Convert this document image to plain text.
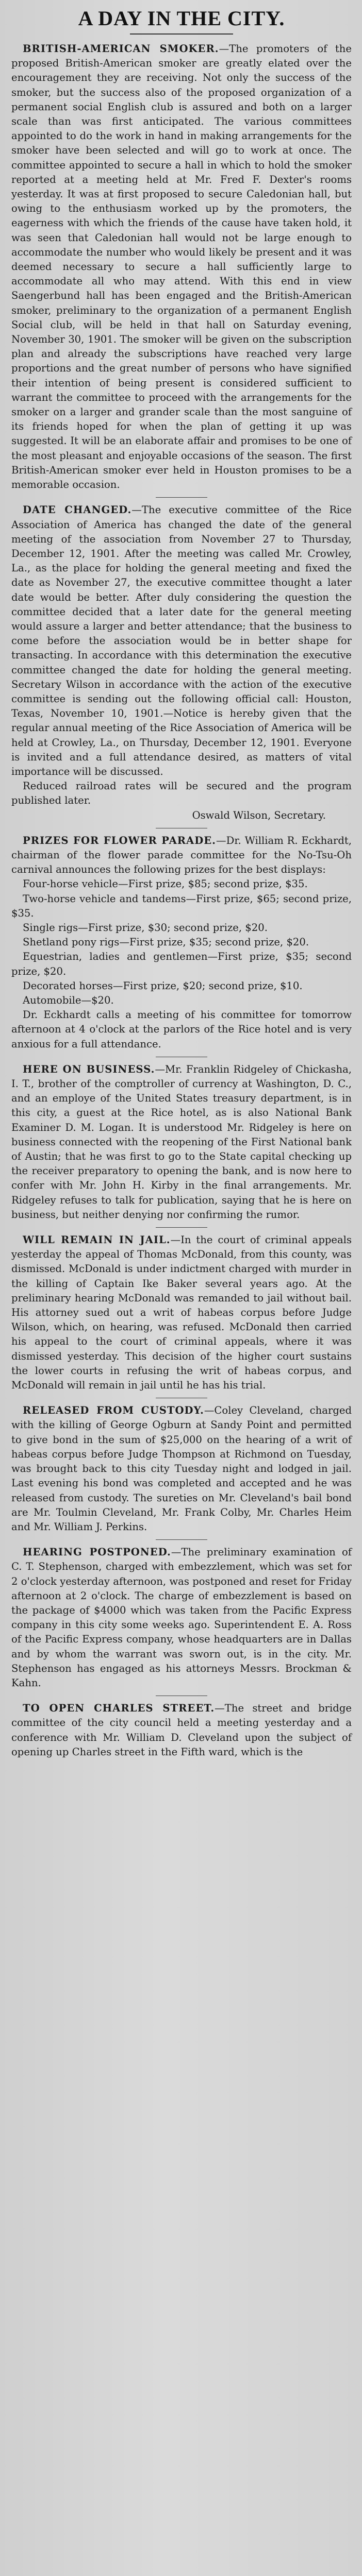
A DAY IN THE CITY.

BRITISH-AMERICAN SMOKER.—The promoters of the proposed British-American smoker are greatly elated over the encouragement they are receiving. Not only the success of the smoker, but the success also of the proposed organization of a permanent social English club is assured and both on a larger scale than was first anticipated. The various committees appointed to do the work in hand in making arrangements for the smoker have been selected and will go to work at once. The committee appointed to secure a hall in which to hold the smoker reported at a meeting held at Mr. Fred F. Dexter's rooms yesterday. It was at first proposed to secure Caledonian hall, but owing to the enthusiasm worked up by the promoters, the eagerness with which the friends of the cause have taken hold, it was seen that Caledonian hall would not be large enough to accommodate the number who would likely be present and it was deemed necessary to secure a hall sufficiently large to accommodate all who may attend. With this end in view Saengerbund hall has been engaged and the British-American smoker, preliminary to the organization of a permanent English Social club, will be held in that hall on Saturday evening, November 30, 1901. The smoker will be given on the subscription plan and already the subscriptions have reached very large proportions and the great number of persons who have signified their intention of being present is considered sufficient to warrant the committee to proceed with the arrangements for the smoker on a larger and grander scale than the most sanguine of its friends hoped for when the plan of getting it up was suggested. It will be an elaborate affair and promises to be one of the most pleasant and enjoyable occasions of the season. The first British-American smoker ever held in Houston promises to be a memorable occasion.

DATE CHANGED.—The executive committee of the Rice Association of America has changed the date of the general meeting of the association from November 27 to Thursday, December 12, 1901. After the meeting was called Mr. Crowley, La., as the place for holding the general meeting and fixed the date as November 27, the executive committee thought a later date would be better. After duly considering the question the committee decided that a later date for the general meeting would assure a larger and better attendance; that the business to come before the association would be in better shape for transacting. In accordance with this determination the executive committee changed the date for holding the general meeting. Secretary Wilson in accordance with the action of the executive committee is sending out the following official call: Houston, Texas, November 10, 1901.—Notice is hereby given that the regular annual meeting of the Rice Association of America will be held at Crowley, La., on Thursday, December 12, 1901. Everyone is invited and a full attendance desired, as matters of vital importance will be discussed.

Reduced railroad rates will be secured and the program published later.

Oswald Wilson, Secretary.

PRIZES FOR FLOWER PARADE.—Dr. William R. Eckhardt, chairman of the flower parade committee for the No-Tsu-Oh carnival announces the following prizes for the best displays:

Four-horse vehicle—First prize, $85; second prize, $35.

Two-horse vehicle and tandems—First prize, $65; second prize, $35.

Single rigs—First prize, $30; second prize, $20.

Shetland pony rigs—First prize, $35; second prize, $20.

Equestrian, ladies and gentlemen—First prize, $35; second prize, $20.

Decorated horses—First prize, $20; second prize, $10.

Automobile—$20.

Dr. Eckhardt calls a meeting of his committee for tomorrow afternoon at 4 o'clock at the parlors of the Rice hotel and is very anxious for a full attendance.

HERE ON BUSINESS.—Mr. Franklin Ridgeley of Chickasha, I. T., brother of the comptroller of currency at Washington, D. C., and an employe of the United States treasury department, is in this city, a guest at the Rice hotel, as is also National Bank Examiner D. M. Logan. It is understood Mr. Ridgeley is here on business connected with the reopening of the First National bank of Austin; that he was first to go to the State capital checking up the receiver preparatory to opening the bank, and is now here to confer with Mr. John H. Kirby in the final arrangements. Mr. Ridgeley refuses to talk for publication, saying that he is here on business, but neither denying nor confirming the rumor.

WILL REMAIN IN JAIL.—In the court of criminal appeals yesterday the appeal of Thomas McDonald, from this county, was dismissed. McDonald is under indictment charged with murder in the killing of Captain Ike Baker several years ago. At the preliminary hearing McDonald was remanded to jail without bail. His attorney sued out a writ of habeas corpus before Judge Wilson, which, on hearing, was refused. McDonald then carried his appeal to the court of criminal appeals, where it was dismissed yesterday. This decision of the higher court sustains the lower courts in refusing the writ of habeas corpus, and McDonald will remain in jail until he has his trial.

RELEASED FROM CUSTODY.—Coley Cleveland, charged with the killing of George Ogburn at Sandy Point and permitted to give bond in the sum of $25,000 on the hearing of a writ of habeas corpus before Judge Thompson at Richmond on Tuesday, was brought back to this city Tuesday night and lodged in jail. Last evening his bond was completed and accepted and he was released from custody. The sureties on Mr. Cleveland's bail bond are Mr. Toulmin Cleveland, Mr. Frank Colby, Mr. Charles Heim and Mr. William J. Perkins.

HEARING POSTPONED.—The preliminary examination of C. T. Stephenson, charged with embezzlement, which was set for 2 o'clock yesterday afternoon, was postponed and reset for Friday afternoon at 2 o'clock. The charge of embezzlement is based on the package of $4000 which was taken from the Pacific Express company in this city some weeks ago. Superintendent E. A. Ross of the Pacific Express company, whose headquarters are in Dallas and by whom the warrant was sworn out, is in the city. Mr. Stephenson has engaged as his attorneys Messrs. Brockman & Kahn.

TO OPEN CHARLES STREET.—The street and bridge committee of the city council held a meeting yesterday and a conference with Mr. William D. Cleveland upon the subject of opening up Charles street in the Fifth ward, which is the
